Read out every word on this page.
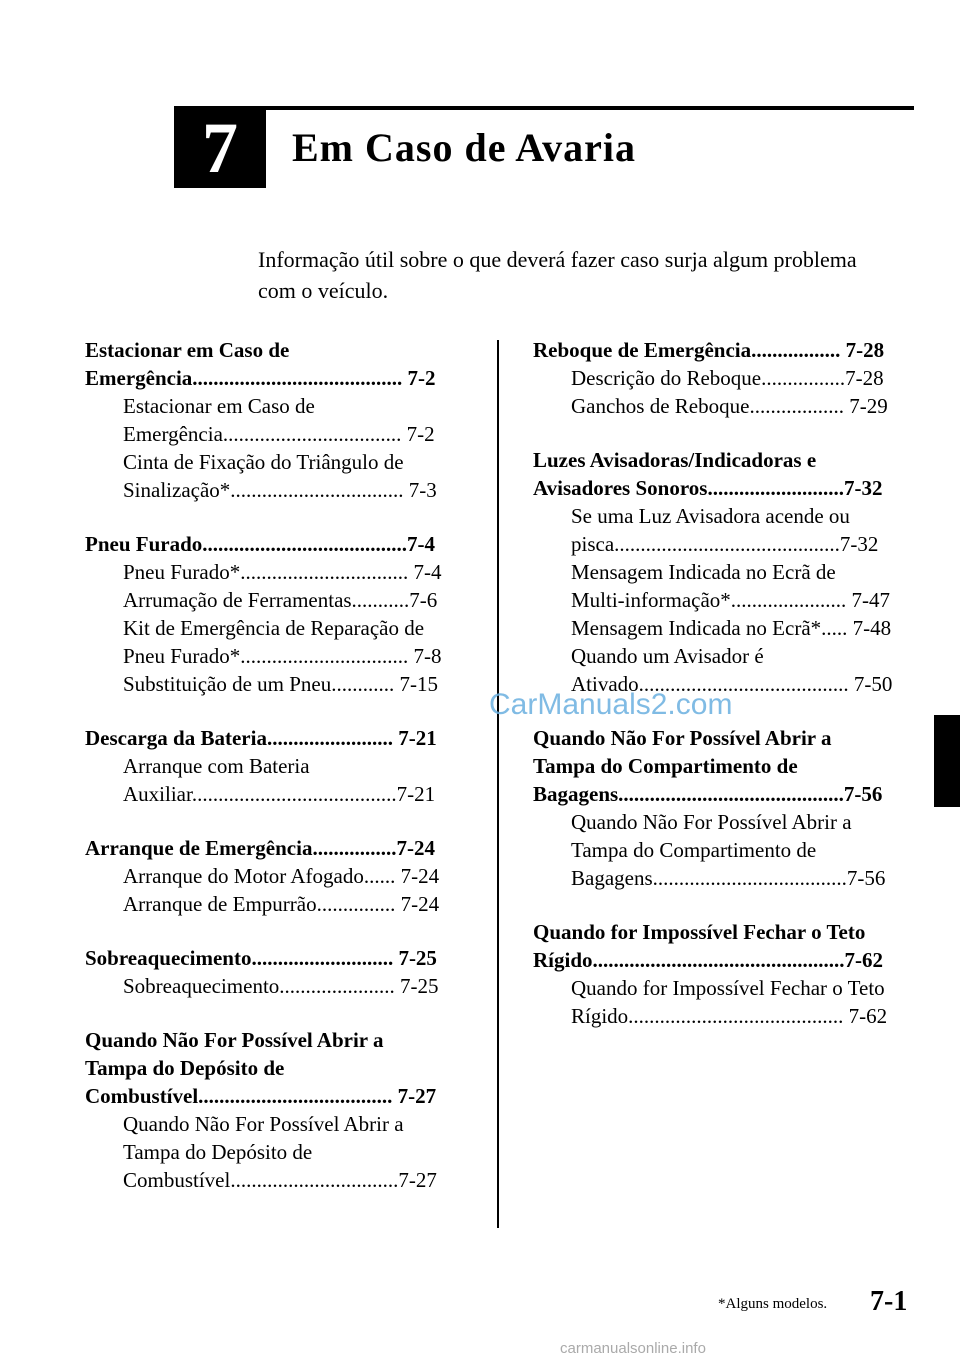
7	Em Caso de Avaria
Informação útil sobre o que deverá fazer caso surja algum problema com o veículo.
Estacionar em Caso de
Emergência........................................ 7-2
Estacionar em Caso de
Emergência.................................. 7-2
Cinta de Fixação do Triângulo de
Sinalização*................................. 7-3
Pneu Furado.......................................7-4
Pneu Furado*................................ 7-4
Arrumação de Ferramentas...........7-6
Kit de Emergência de Reparação de
Pneu Furado*................................ 7-8
Substituição de um Pneu............ 7-15
Descarga da Bateria........................ 7-21
Arranque com Bateria
Auxiliar.......................................7-21
Arranque de Emergência................7-24
Arranque do Motor Afogado...... 7-24
Arranque de Empurrão............... 7-24
Sobreaquecimento........................... 7-25
Sobreaquecimento...................... 7-25
Quando Não For Possível Abrir a
Tampa do Depósito de
Combustível..................................... 7-27
Quando Não For Possível Abrir a
Tampa do Depósito de
Combustível................................7-27
Reboque de Emergência................. 7-28
Descrição do Reboque................7-28
Ganchos de Reboque.................. 7-29
Luzes Avisadoras/Indicadoras e
Avisadores Sonoros..........................7-32
Se uma Luz Avisadora acende ou
pisca...........................................7-32
Mensagem Indicada no Ecrã de
Multi-informação*...................... 7-47
Mensagem Indicada no Ecrã*..... 7-48
Quando um Avisador é
Ativado........................................ 7-50
Quando Não For Possível Abrir a
Tampa do Compartimento de
Bagagens...........................................7-56
Quando Não For Possível Abrir a
Tampa do Compartimento de
Bagagens.....................................7-56
Quando for Impossível Fechar o Teto
Rígido................................................7-62
Quando for Impossível Fechar o Teto
Rígido......................................... 7-62
CarManuals2.com
*Alguns modelos. 7-1
carmanualsonline.info
